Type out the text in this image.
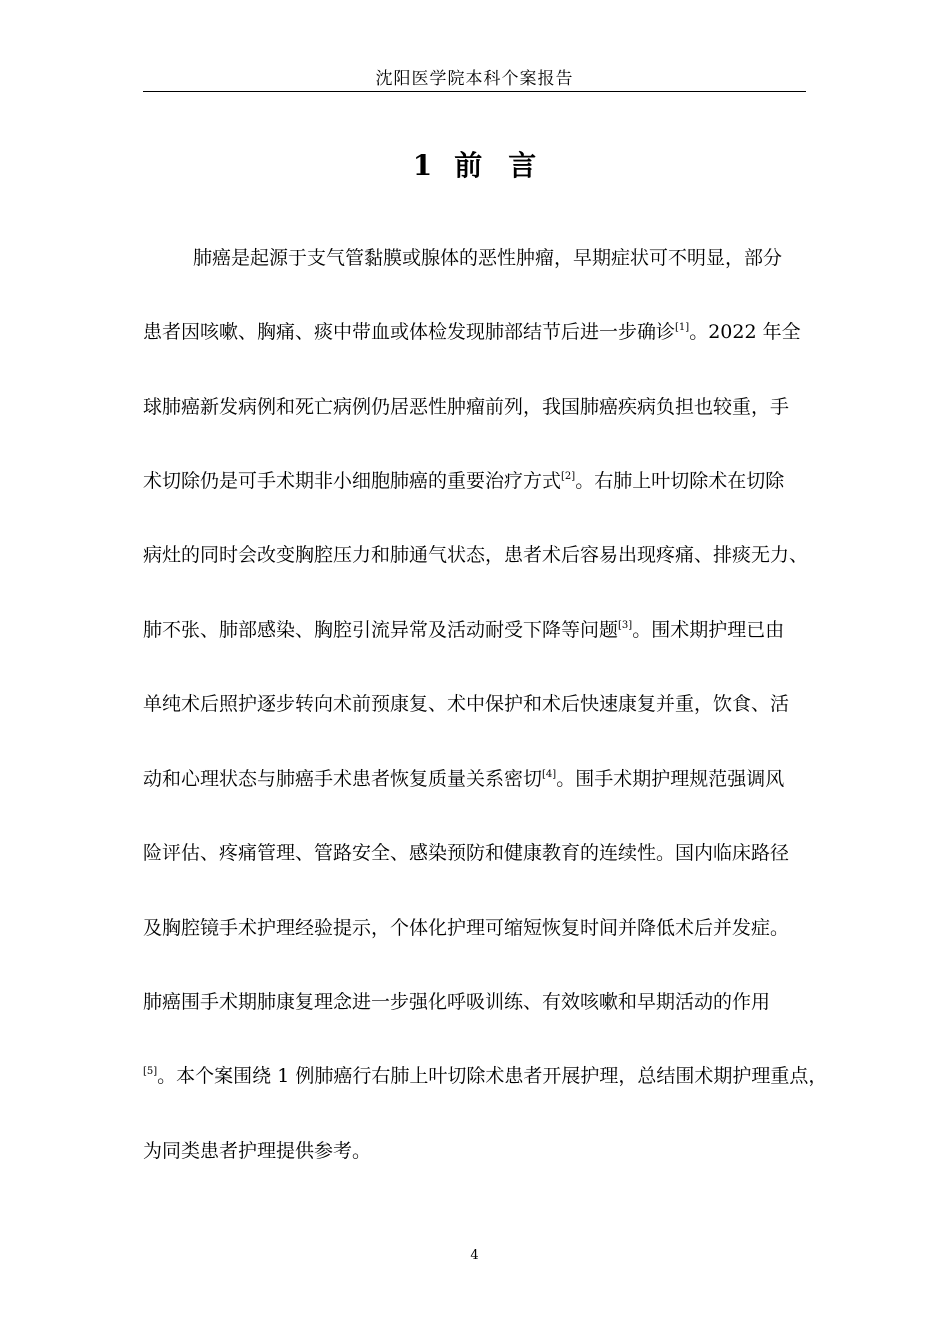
沈阳医学院本科个案报告
1 前 言
肺癌是起源于支气管黏膜或腺体的恶性肿瘤，早期症状可不明显，部分
患者因咳嗽、胸痛、痰中带血或体检发现肺部结节后进一步确诊[1]。2022 年全
球肺癌新发病例和死亡病例仍居恶性肿瘤前列，我国肺癌疾病负担也较重，手
术切除仍是可手术期非小细胞肺癌的重要治疗方式[2]。右肺上叶切除术在切除
病灶的同时会改变胸腔压力和肺通气状态，患者术后容易出现疼痛、排痰无力、
肺不张、肺部感染、胸腔引流异常及活动耐受下降等问题[3]。围术期护理已由
单纯术后照护逐步转向术前预康复、术中保护和术后快速康复并重，饮食、活
动和心理状态与肺癌手术患者恢复质量关系密切[4]。围手术期护理规范强调风
险评估、疼痛管理、管路安全、感染预防和健康教育的连续性。国内临床路径
及胸腔镜手术护理经验提示，个体化护理可缩短恢复时间并降低术后并发症。
肺癌围手术期肺康复理念进一步强化呼吸训练、有效咳嗽和早期活动的作用
[5]。本个案围绕 1 例肺癌行右肺上叶切除术患者开展护理，总结围术期护理重点，
为同类患者护理提供参考。
4
